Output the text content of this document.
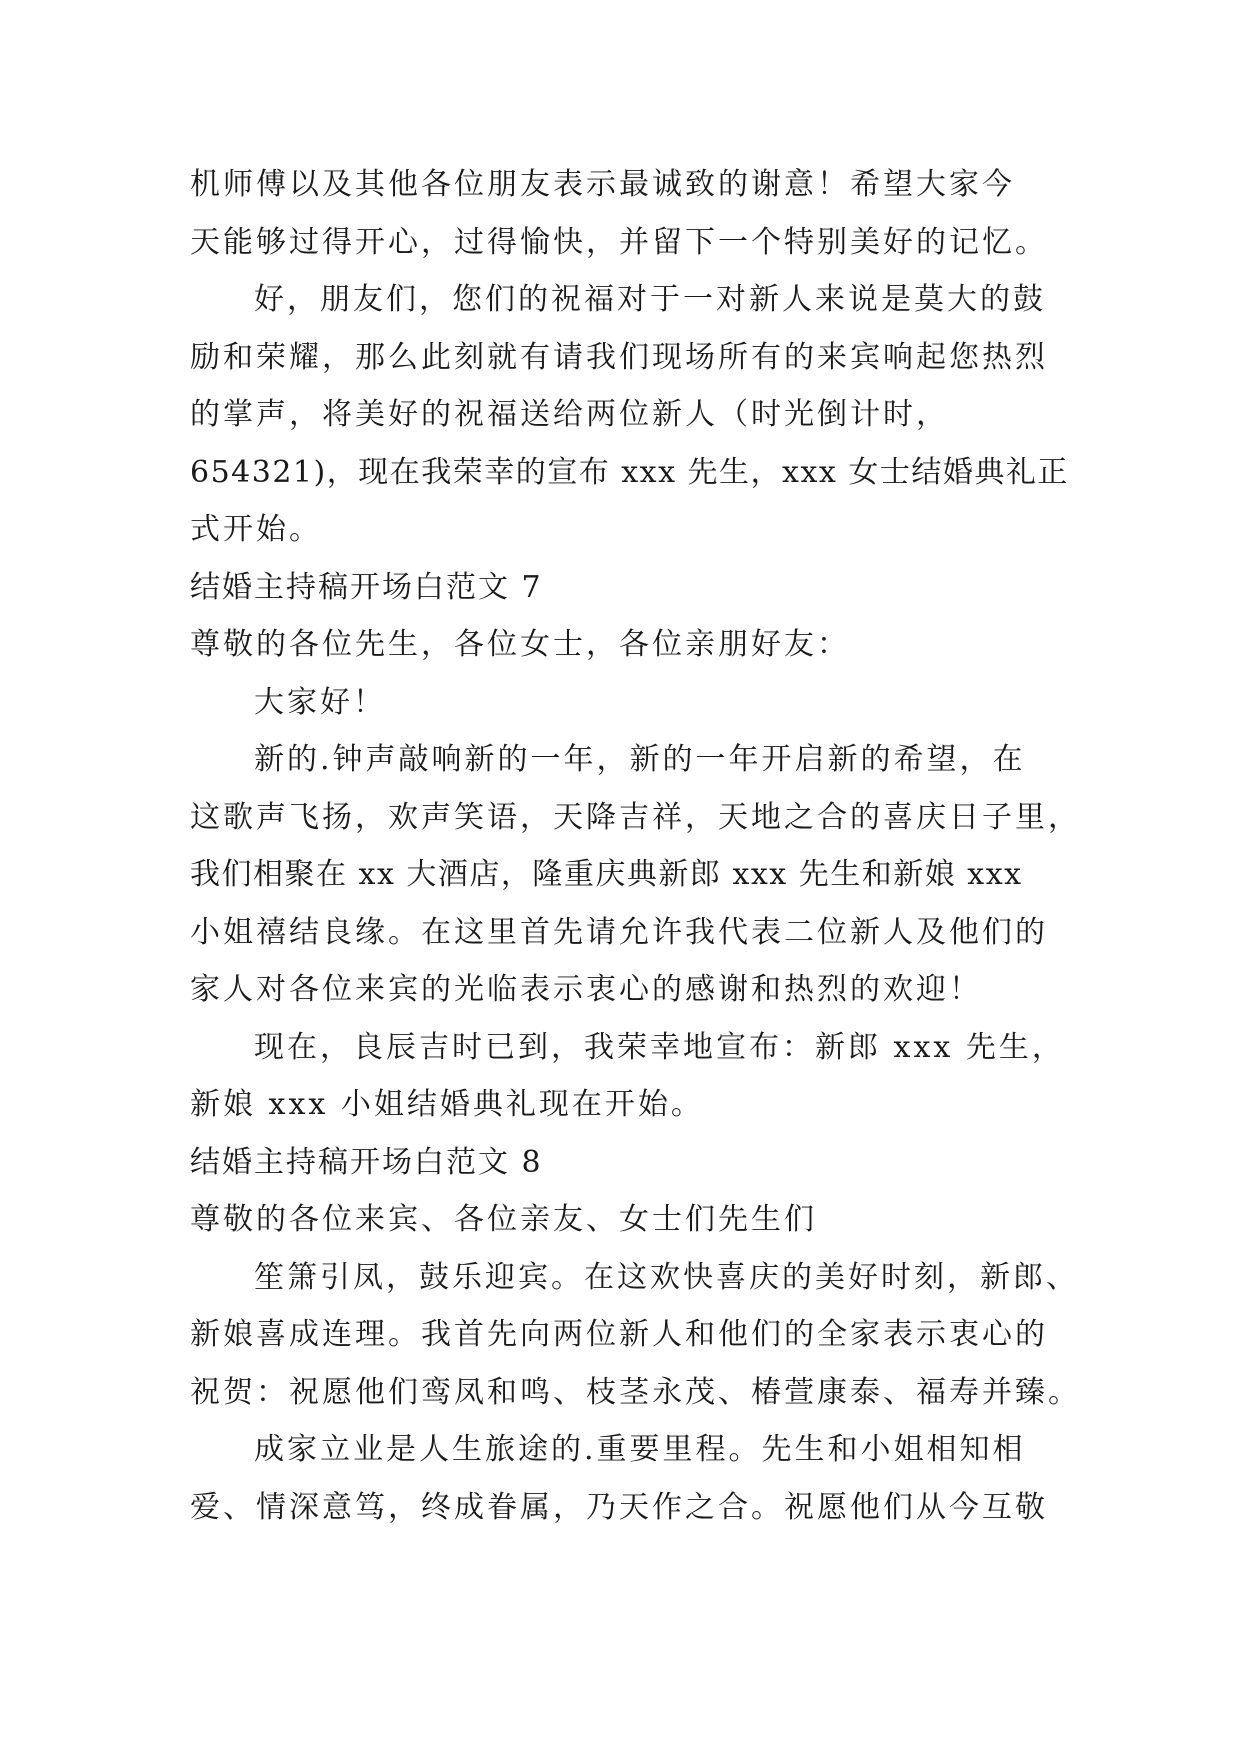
机师傅以及其他各位朋友表示最诚致的谢意！希望大家今

天能够过得开心，过得愉快，并留下一个特别美好的记忆。

好，朋友们，您们的祝福对于一对新人来说是莫大的鼓

励和荣耀，那么此刻就有请我们现场所有的来宾响起您热烈

的掌声，将美好的祝福送给两位新人（时光倒计时，

654321)，现在我荣幸的宣布 xxx 先生，xxx 女士结婚典礼正

式开始。

结婚主持稿开场白范文 7

尊敬的各位先生，各位女士，各位亲朋好友：

大家好！

新的.钟声敲响新的一年，新的一年开启新的希望，在

这歌声飞扬，欢声笑语，天降吉祥，天地之合的喜庆日子里，

我们相聚在 xx 大酒店，隆重庆典新郎 xxx 先生和新娘 xxx

小姐禧结良缘。在这里首先请允许我代表二位新人及他们的

家人对各位来宾的光临表示衷心的感谢和热烈的欢迎！

现在，良辰吉时已到，我荣幸地宣布：新郎 xxx 先生，

新娘 xxx 小姐结婚典礼现在开始。

结婚主持稿开场白范文 8

尊敬的各位来宾、各位亲友、女士们先生们

笙箫引凤，鼓乐迎宾。在这欢快喜庆的美好时刻，新郎、

新娘喜成连理。我首先向两位新人和他们的全家表示衷心的

祝贺：祝愿他们鸾凤和鸣、枝茎永茂、椿萱康泰、福寿并臻。

成家立业是人生旅途的.重要里程。先生和小姐相知相

爱、情深意笃，终成眷属，乃天作之合。祝愿他们从今互敬
